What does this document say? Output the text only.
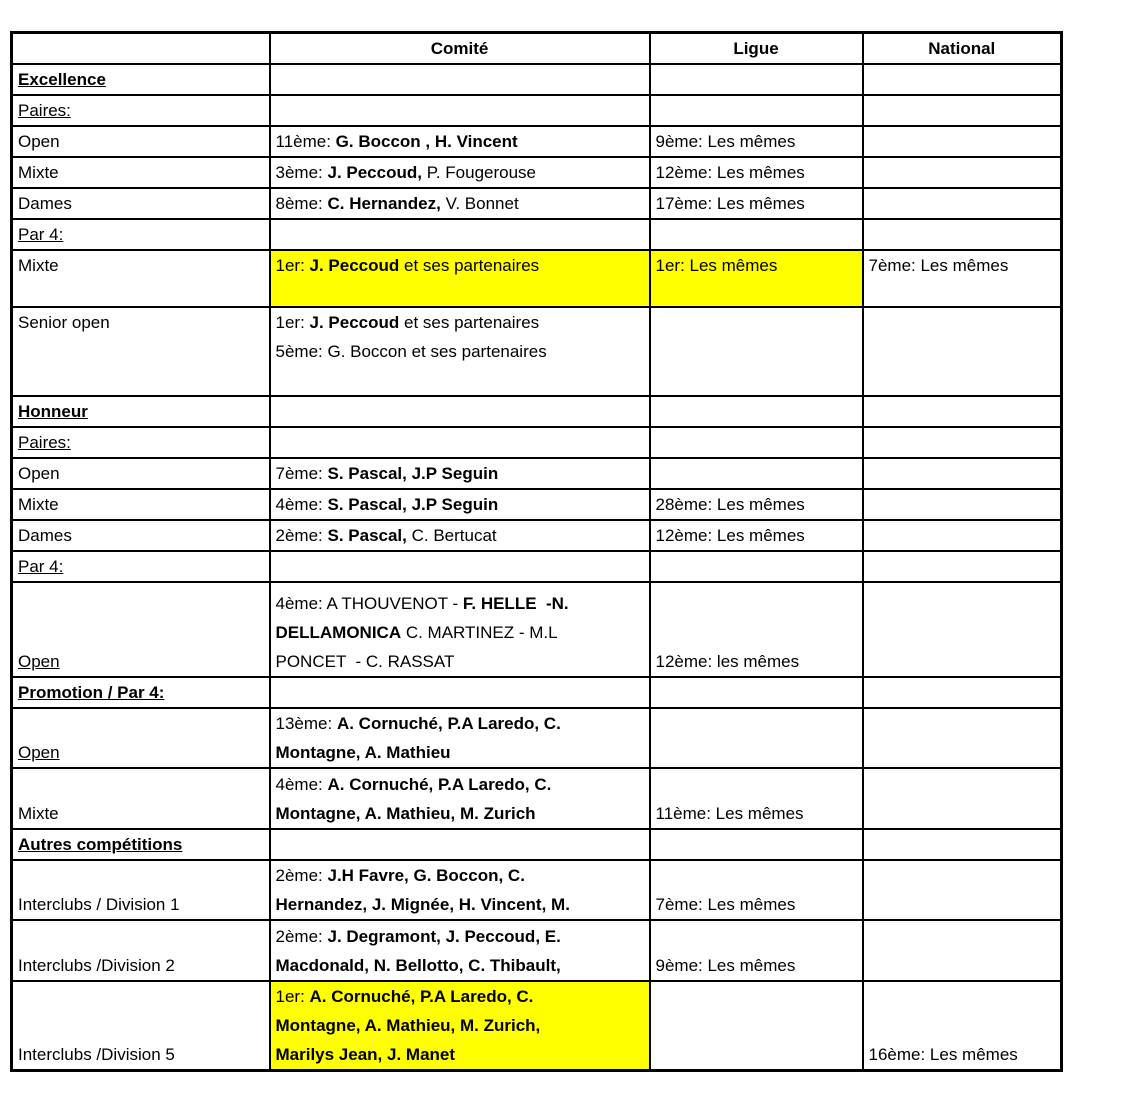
	Comité	Ligue	National
Excellence			
Paires:			
Open	11ème: G. Boccon , H. Vincent	9ème: Les mêmes	

Mixte	3ème: J. Peccoud, P. Fougerouse	12ème: Les mêmes	

Dames	8ème: C. Hernandez, V. Bonnet	17ème: Les mêmes	

Par 4:			
Mixte	1er: J. Peccoud et ses partenaires	1er: Les mêmes	7ème: Les mêmes

Senior open	1er: J. Peccoud et ses partenaires
5ème: G. Boccon et ses partenaires		

Honneur			
Paires:			
Open	7ème: S. Pascal, J.P Seguin		

Mixte	4ème: S. Pascal, J.P Seguin	28ème: Les mêmes	

Dames	2ème: S. Pascal, C. Bertucat	12ème: Les mêmes	

Par 4:			
Open	4ème: A THOUVENOT - F. HELLE  -N.
DELLAMONICA C. MARTINEZ - M.L
PONCET  - C. RASSAT	12ème: les mêmes	

Promotion / Par 4:			
Open	13ème: A. Cornuché, P.A Laredo, C.
Montagne, A. Mathieu		

Mixte	4ème: A. Cornuché, P.A Laredo, C.
Montagne, A. Mathieu, M. Zurich	11ème: Les mêmes	

Autres compétitions			
Interclubs / Division 1	2ème: J.H Favre, G. Boccon, C.
Hernandez, J. Mignée, H. Vincent, M.	7ème: Les mêmes	

Interclubs /Division 2	2ème: J. Degramont, J. Peccoud, E.
Macdonald, N. Bellotto, C. Thibault,	9ème: Les mêmes	

Interclubs /Division 5	1er: A. Cornuché, P.A Laredo, C.
Montagne, A. Mathieu, M. Zurich,
Marilys Jean, J. Manet		16ème: Les mêmes
